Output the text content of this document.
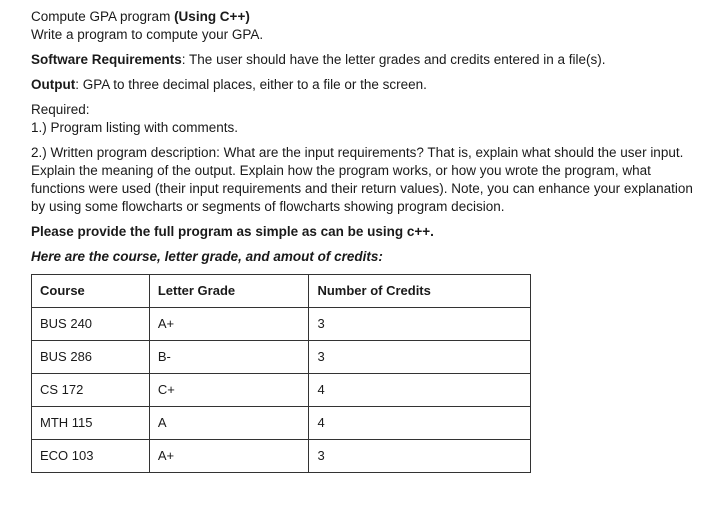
Compute GPA program (Using C++)

Write a program to compute your GPA.

Software Requirements: The user should have the letter grades and credits entered in a file(s).

Output: GPA to three decimal places, either to a file or the screen.

Required:

1.) Program listing with comments.

2.) Written program description: What are the input requirements? That is, explain what should the user input. Explain the meaning of the output. Explain how the program works, or how you wrote the program, what functions were used (their input requirements and their return values). Note, you can enhance your explanation by using some flowcharts or segments of flowcharts showing program decision.

Please provide the full program as simple as can be using c++.

Here are the course, letter grade, and amout of credits:

Course	Letter Grade	Number of Credits
BUS 240	A+	3
BUS 286	B-	3
CS 172	C+	4
MTH 115	A	4
ECO 103	A+	3
